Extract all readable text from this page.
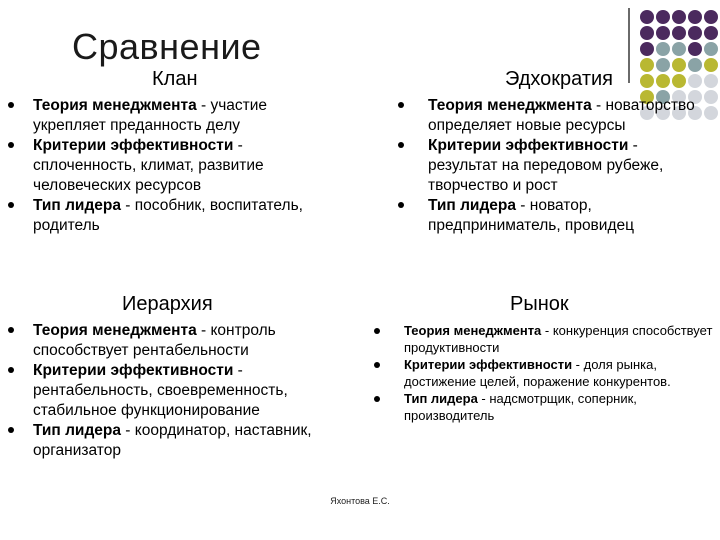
Сравнение
Клан
Теория менеджмента - участие укрепляет преданность делу
Критерии эффективности - сплоченность, климат, развитие человеческих ресурсов
Тип лидера - пособник, воспитатель, родитель
Эдхократия
Теория менеджмента - новаторство определяет новые ресурсы
Критерии эффективности - результат на передовом рубеже, творчество и рост
Тип лидера - новатор, предприниматель, провидец
Иерархия
Теория менеджмента - контроль способствует рентабельности
Критерии эффективности - рентабельность, своевременность, стабильное функционирование
Тип лидера - координатор, наставник, организатор
Рынок
Теория менеджмента - конкуренция способствует продуктивности
Критерии эффективности - доля рынка, достижение целей, поражение конкурентов.
Тип лидера - надсмотрщик, соперник, производитель
Яхонтова Е.С.
